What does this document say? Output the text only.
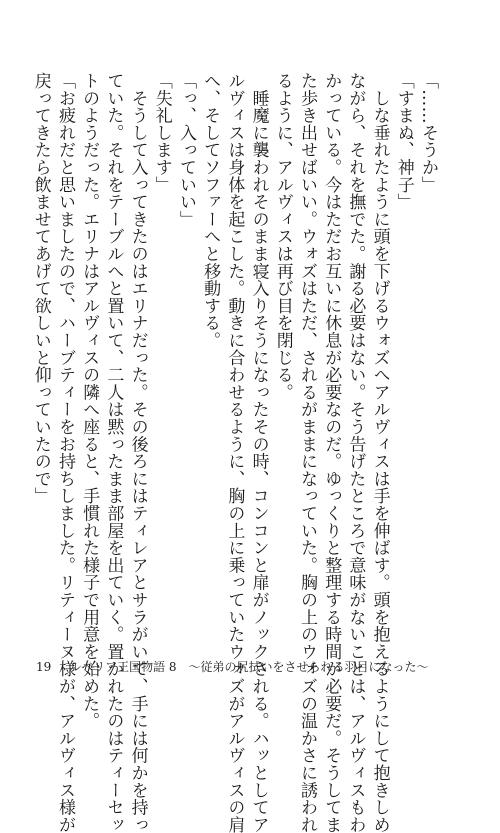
「……そうか」
「すまぬ、神子」
　しな垂れたように頭を下げるウォズへアルヴィスは手を伸ばす。頭を抱えるようにして抱きしめ
ながら、それを撫でた。謝る必要はない。そう告げたところで意味がないことは、アルヴィスもわ
かっている。今はただお互いに休息が必要なのだ。ゆっくりと整理する時間が必要だ。そうしてま
た歩き出せばいい。ウォズはただ、されるがままになっていた。胸の上のウォズの温かさに誘われ
るように、アルヴィスは再び目を閉じる。
　睡魔に襲われそのまま寝入りそうになったその時、コンコンと扉がノックされる。ハッとしてア
ルヴィスは身体を起こした。動きに合わせるように、胸の上に乗っていたウォズがアルヴィスの肩
へ、そしてソファーへと移動する。
「っ、入っていい」
「失礼します」
　そうして入ってきたのはエリナだった。その後ろにはティレアとサラがいて、手には何かを持っ
ていた。それをテーブルへと置いて、二人は黙ったまま部屋を出ていく。置かれたのはティーセッ
トのようだった。エリナはアルヴィスの隣へ座ると、手慣れた様子で用意を始めた。
「お疲れだと思いましたので、ハーブティーをお持ちしました。リティーヌ様が、アルヴィス様が
戻ってきたら飲ませてあげて欲しいと仰っていたので」
19 ルベリア王国物語 8　～従弟の尻拭いをさせられる羽目になった～
